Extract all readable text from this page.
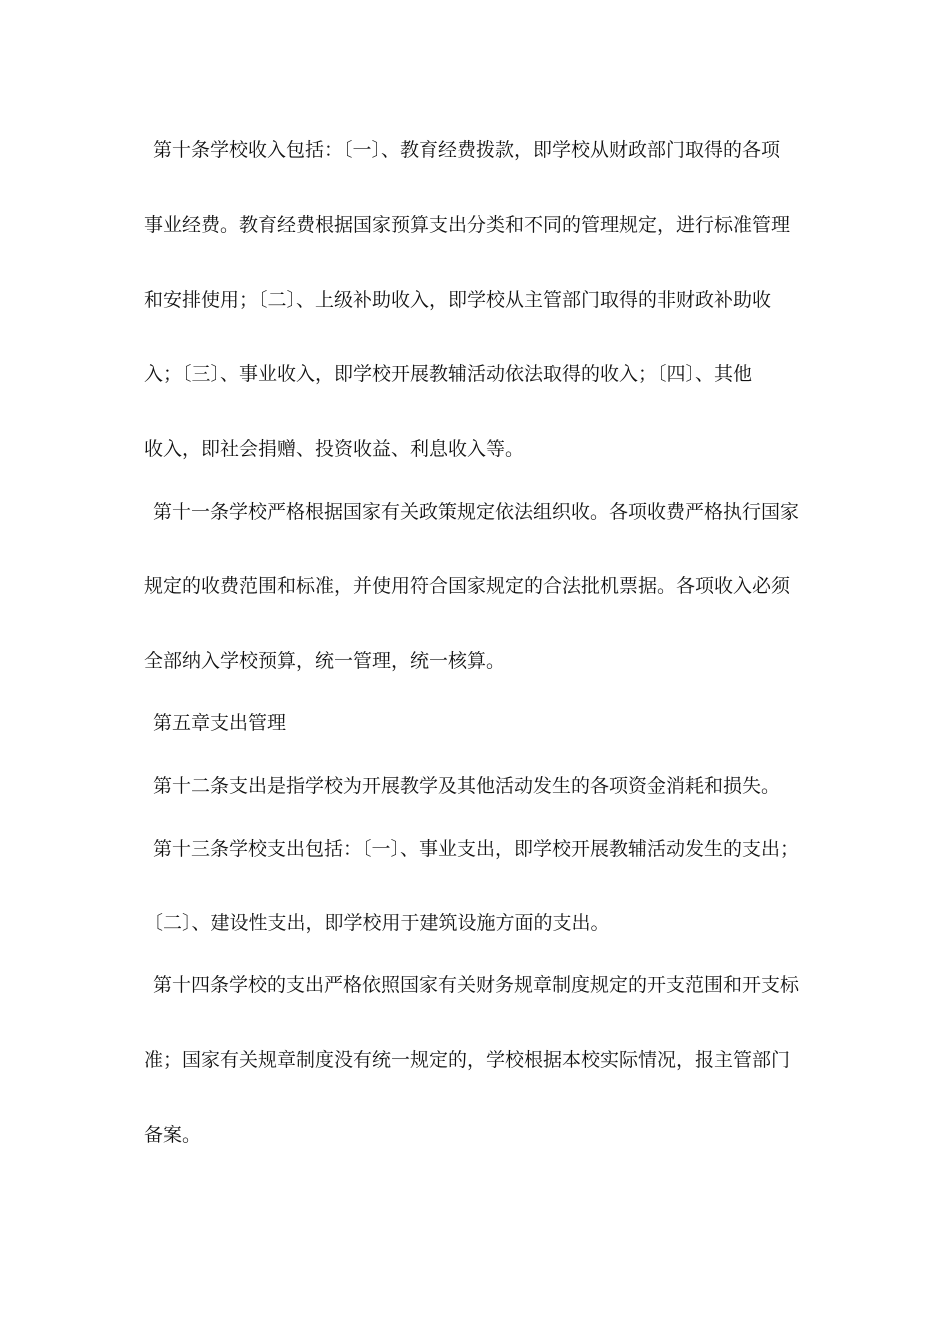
第十条学校收入包括：〔一〕、教育经费拨款，即学校从财政部门取得的各项
事业经费。教育经费根据国家预算支出分类和不同的管理规定，进行标准管理
和安排使用；〔二〕、上级补助收入，即学校从主管部门取得的非财政补助收
入；〔三〕、事业收入，即学校开展教辅活动依法取得的收入；〔四〕、其他
收入，即社会捐赠、投资收益、利息收入等。
第十一条学校严格根据国家有关政策规定依法组织收。各项收费严格执行国家
规定的收费范围和标准，并使用符合国家规定的合法批机票据。各项收入必须
全部纳入学校预算，统一管理，统一核算。
第五章支出管理
第十二条支出是指学校为开展教学及其他活动发生的各项资金消耗和损失。
第十三条学校支出包括：〔一〕、事业支出，即学校开展教辅活动发生的支出；
〔二〕、建设性支出，即学校用于建筑设施方面的支出。
第十四条学校的支出严格依照国家有关财务规章制度规定的开支范围和开支标
准；国家有关规章制度没有统一规定的，学校根据本校实际情况，报主管部门
备案。
